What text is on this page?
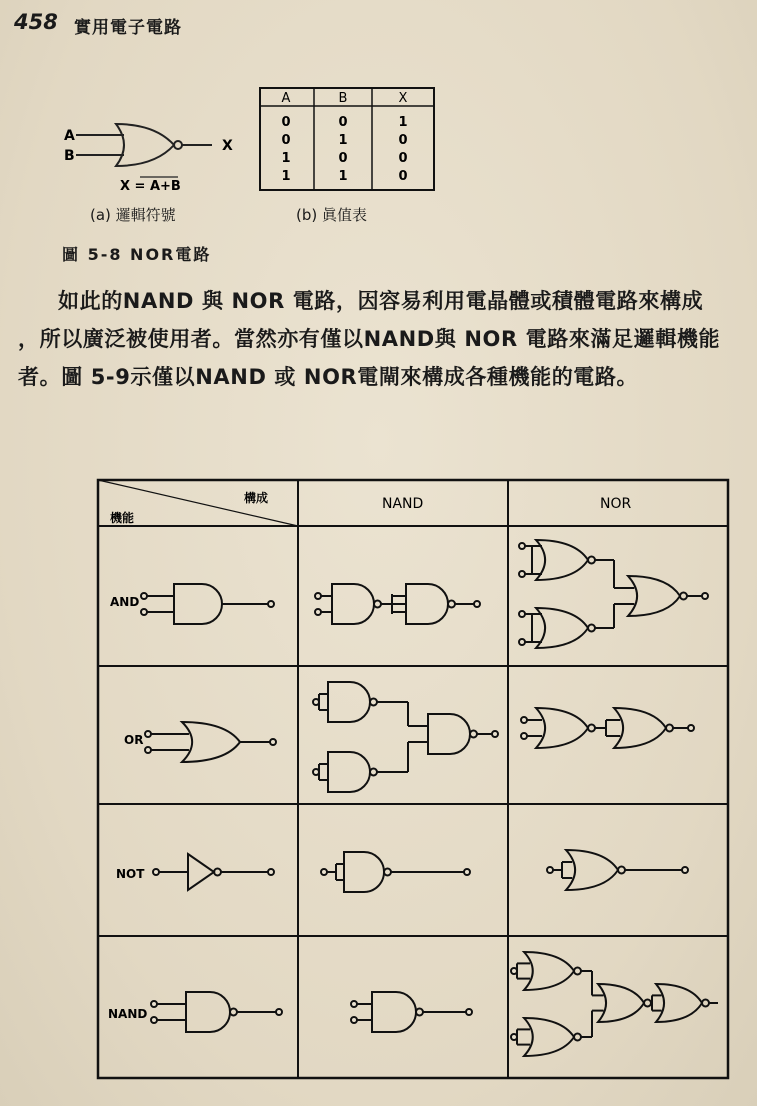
458 實用電子電路
A
B
X
X = A+B
(a) 邏輯符號
A	B	X
0	0	1
0	1	0
1	0	0
1	1	0
(b) 眞值表
圖 5-8 NOR電路
如此的NAND 與 NOR 電路，因容易利用電晶體或積體電路來構成
，所以廣泛被使用者。當然亦有僅以NAND與 NOR 電路來滿足邏輯機能
者。圖 5-9示僅以NAND 或 NOR電閘來構成各種機能的電路。
構成
機能
NAND	NOR
AND
OR
NOT
NAND
